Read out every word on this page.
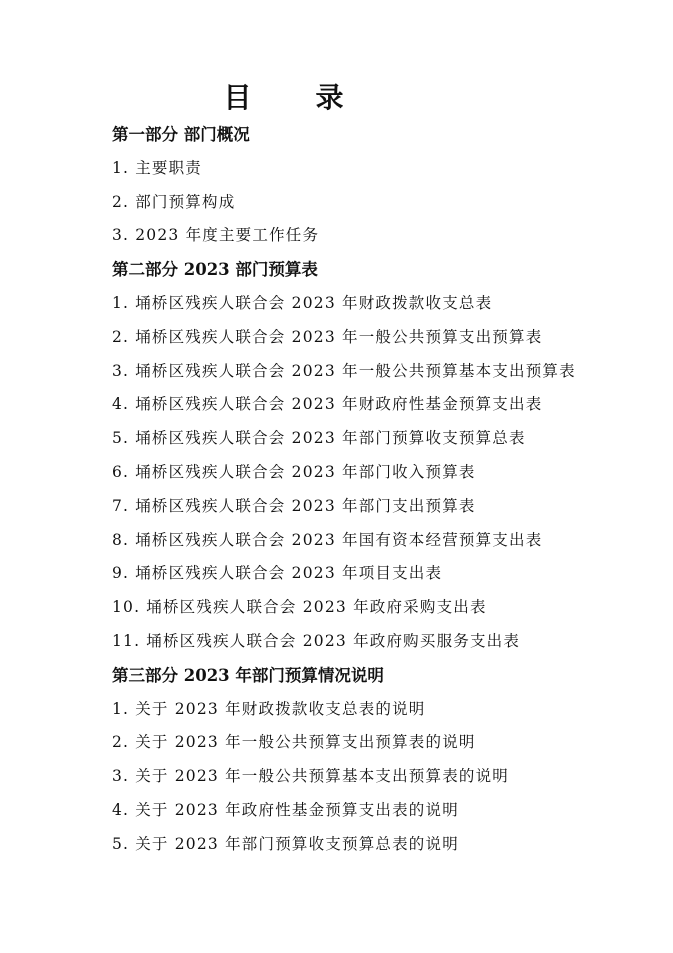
目　录
第一部分 部门概况
1. 主要职责
2. 部门预算构成
3. 2023 年度主要工作任务
第二部分 2023 部门预算表
1. 埇桥区残疾人联合会 2023 年财政拨款收支总表
2. 埇桥区残疾人联合会 2023 年一般公共预算支出预算表
3. 埇桥区残疾人联合会 2023 年一般公共预算基本支出预算表
4. 埇桥区残疾人联合会 2023 年财政府性基金预算支出表
5. 埇桥区残疾人联合会 2023 年部门预算收支预算总表
6. 埇桥区残疾人联合会 2023 年部门收入预算表
7. 埇桥区残疾人联合会 2023 年部门支出预算表
8. 埇桥区残疾人联合会 2023 年国有资本经营预算支出表
9. 埇桥区残疾人联合会 2023 年项目支出表
10. 埇桥区残疾人联合会 2023 年政府采购支出表
11. 埇桥区残疾人联合会 2023 年政府购买服务支出表
第三部分 2023 年部门预算情况说明
1. 关于 2023 年财政拨款收支总表的说明
2. 关于 2023 年一般公共预算支出预算表的说明
3. 关于 2023 年一般公共预算基本支出预算表的说明
4. 关于 2023 年政府性基金预算支出表的说明
5. 关于 2023 年部门预算收支预算总表的说明
